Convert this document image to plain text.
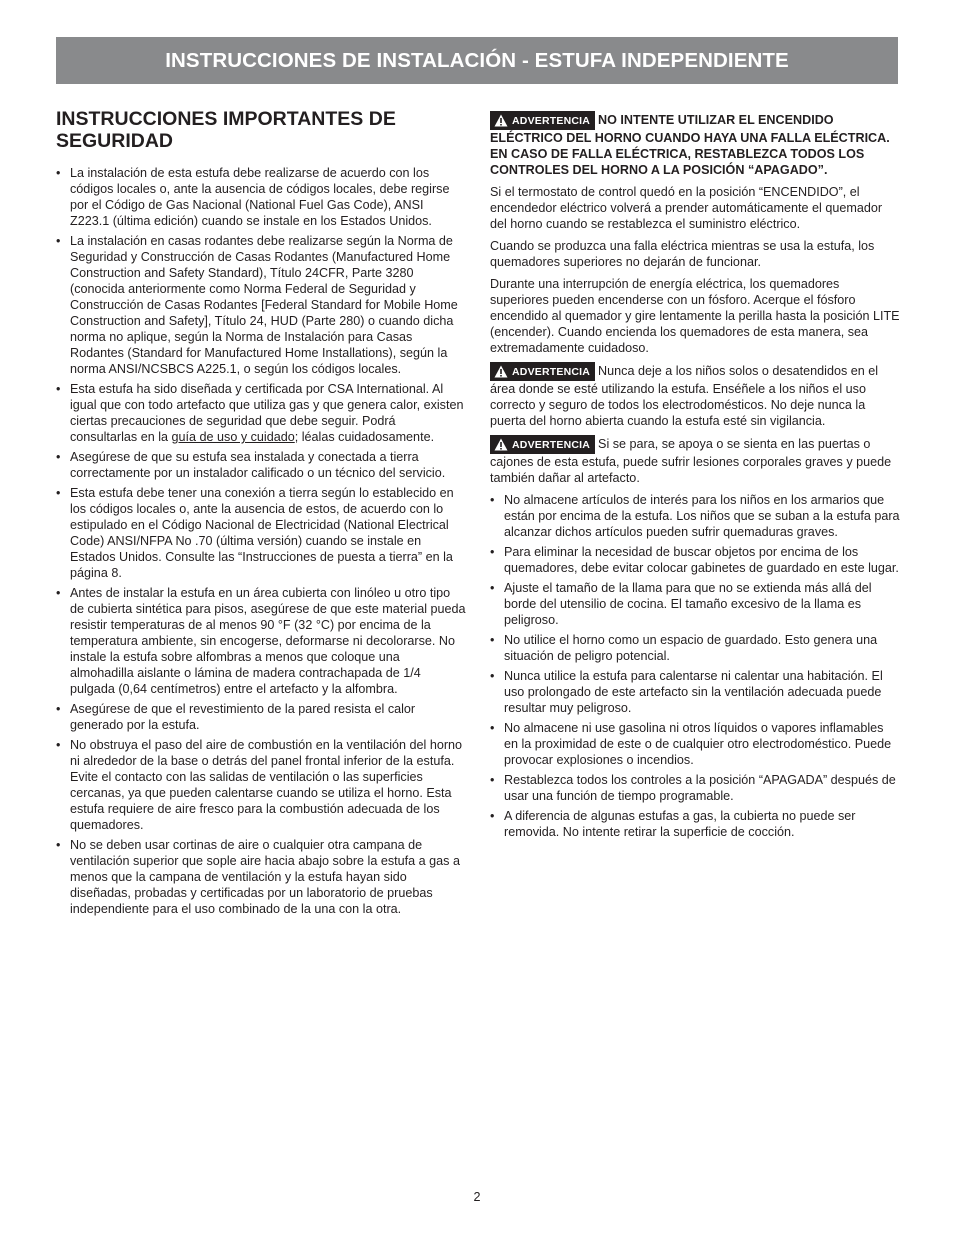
INSTRUCCIONES DE INSTALACIÓN - ESTUFA INDEPENDIENTE
INSTRUCCIONES IMPORTANTES DE SEGURIDAD
• La instalación de esta estufa debe realizarse de acuerdo con los códigos locales o, ante la ausencia de códigos locales, debe regirse por el Código de Gas Nacional (National Fuel Gas Code), ANSI Z223.1 (última edición) cuando se instale en los Estados Unidos.
• La instalación en casas rodantes debe realizarse según la Norma de Seguridad y Construcción de Casas Rodantes (Manufactured Home Construction and Safety Standard), Título 24CFR, Parte 3280 (conocida anteriormente como Norma Federal de Seguridad y Construcción de Casas Rodantes [Federal Standard for Mobile Home Construction and Safety], Título 24, HUD (Parte 280) o cuando dicha norma no aplique, según la Norma de Instalación para Casas Rodantes (Standard for Manufactured Home Installations), según la norma ANSI/NCSBCS A225.1, o según los códigos locales.
• Esta estufa ha sido diseñada y certificada por CSA International. Al igual que con todo artefacto que utiliza gas y que genera calor, existen ciertas precauciones de seguridad que debe seguir. Podrá consultarlas en la guía de uso y cuidado; léalas cuidadosamente.
• Asegúrese de que su estufa sea instalada y conectada a tierra correctamente por un instalador calificado o un técnico del servicio.
• Esta estufa debe tener una conexión a tierra según lo establecido en los códigos locales o, ante la ausencia de estos, de acuerdo con lo estipulado en el Código Nacional de Electricidad (National Electrical Code) ANSI/NFPA No .70 (última versión) cuando se instale en Estados Unidos. Consulte las “Instrucciones de puesta a tierra” en la página 8.
• Antes de instalar la estufa en un área cubierta con linóleo u otro tipo de cubierta sintética para pisos, asegúrese de que este material pueda resistir temperaturas de al menos 90 °F (32 °C) por encima de la temperatura ambiente, sin encogerse, deformarse ni decolorarse. No instale la estufa sobre alfombras a menos que coloque una almohadilla aislante o lámina de madera contrachapada de 1/4 pulgada (0,64 centímetros) entre el artefacto y la alfombra.
• Asegúrese de que el revestimiento de la pared resista el calor generado por la estufa.
• No obstruya el paso del aire de combustión en la ventilación del horno ni alrededor de la base o detrás del panel frontal inferior de la estufa. Evite el contacto con las salidas de ventilación o las superficies cercanas, ya que pueden calentarse cuando se utiliza el horno. Esta estufa requiere de aire fresco para la combustión adecuada de los quemadores.
• No se deben usar cortinas de aire o cualquier otra campana de ventilación superior que sople aire hacia abajo sobre la estufa a gas a menos que la campana de ventilación y la estufa hayan sido diseñadas, probadas y certificadas por un laboratorio de pruebas independiente para el uso combinado de la una con la otra.

ADVERTENCIA NO INTENTE UTILIZAR EL ENCENDIDO ELÉCTRICO DEL HORNO CUANDO HAYA UNA FALLA ELÉCTRICA. EN CASO DE FALLA ELÉCTRICA, RESTABLEZCA TODOS LOS CONTROLES DEL HORNO A LA POSICIÓN “APAGADO”.

Si el termostato de control quedó en la posición “ENCENDIDO”, el encendedor eléctrico volverá a prender automáticamente el quemador del horno cuando se restablezca el suministro eléctrico.

Cuando se produzca una falla eléctrica mientras se usa la estufa, los quemadores superiores no dejarán de funcionar.

Durante una interrupción de energía eléctrica, los quemadores superiores pueden encenderse con un fósforo. Acerque el fósforo encendido al quemador y gire lentamente la perilla hasta la posición LITE (encender). Cuando encienda los quemadores de esta manera, sea extremadamente cuidadoso.

ADVERTENCIA Nunca deje a los niños solos o desatendidos en el área donde se esté utilizando la estufa. Enséñele a los niños el uso correcto y seguro de todos los electrodomésticos. No deje nunca la puerta del horno abierta cuando la estufa esté sin vigilancia.

ADVERTENCIA Si se para, se apoya o se sienta en las puertas o cajones de esta estufa, puede sufrir lesiones corporales graves y puede también dañar al artefacto.

• No almacene artículos de interés para los niños en los armarios que están por encima de la estufa. Los niños que se suban a la estufa para alcanzar dichos artículos pueden sufrir quemaduras graves.
• Para eliminar la necesidad de buscar objetos por encima de los quemadores, debe evitar colocar gabinetes de guardado en este lugar.
• Ajuste el tamaño de la llama para que no se extienda más allá del borde del utensilio de cocina. El tamaño excesivo de la llama es peligroso.
• No utilice el horno como un espacio de guardado. Esto genera una situación de peligro potencial.
• Nunca utilice la estufa para calentarse ni calentar una habitación. El uso prolongado de este artefacto sin la ventilación adecuada puede resultar muy peligroso.
• No almacene ni use gasolina ni otros líquidos o vapores inflamables en la proximidad de este o de cualquier otro electrodoméstico. Puede provocar explosiones o incendios.
• Restablezca todos los controles a la posición “APAGADA” después de usar una función de tiempo programable.
• A diferencia de algunas estufas a gas, la cubierta no puede ser removida. No intente retirar la superficie de cocción.
2
